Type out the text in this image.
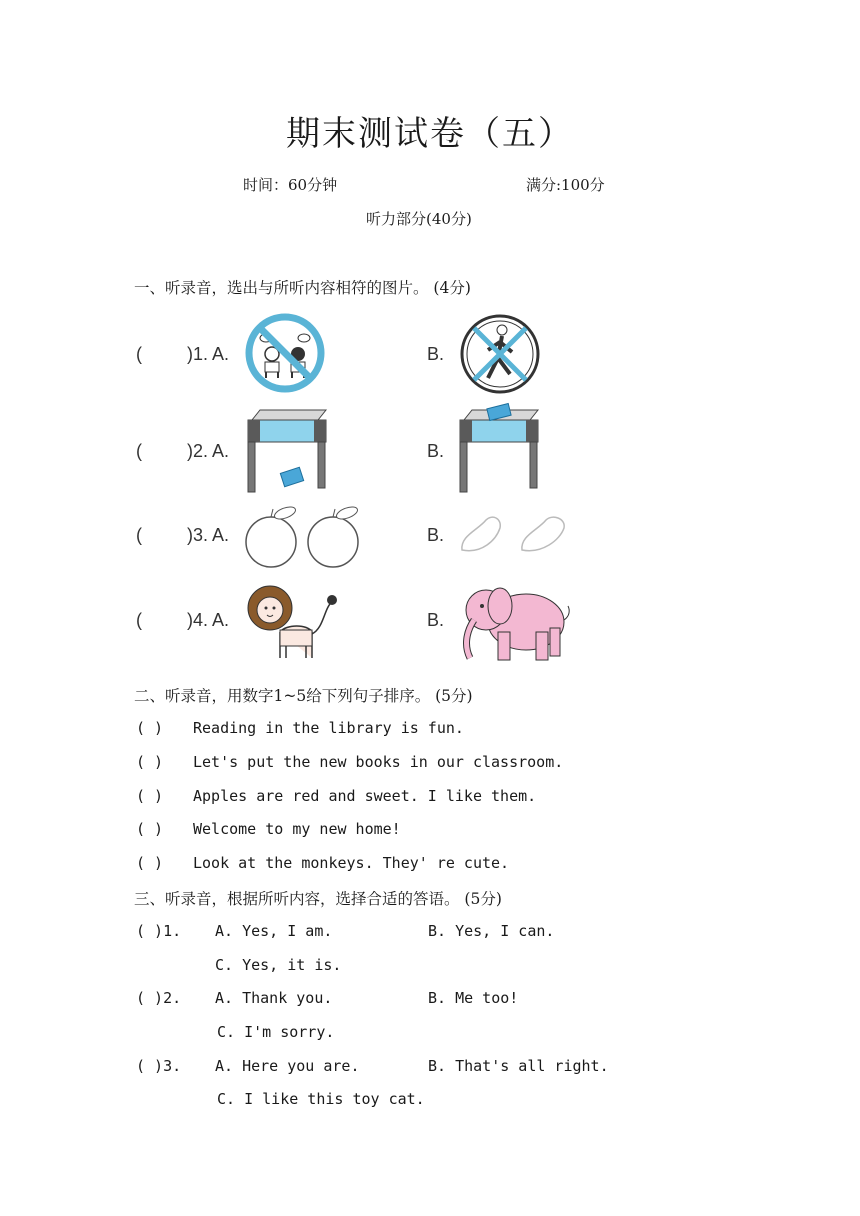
期末测试卷（五）
时间：60分钟	满分:100分
听力部分(40分)
一、听录音，选出与所听内容相符的图片。 (4分)
(	)1. A.	B.
(	)2. A.	B.
(	)3. A.	B.
(	)4. A.	B.
二、听录音，用数字1~5给下列句子排序。 (5分)
( ) Reading in the library is fun.
( ) Let's put the new books in our classroom.
( ) Apples are red and sweet. I like them.
( ) Welcome to my new home!
( ) Look at the monkeys. They' re cute.
三、听录音，根据所听内容，选择合适的答语。 (5分)
( )1. A. Yes, I am.	B. Yes, I can.
C. Yes, it is.
( )2. A. Thank you.	B. Me too!
C. I'm sorry.
( )3. A. Here you are.	B. That's all right.
C. I like this toy cat.
